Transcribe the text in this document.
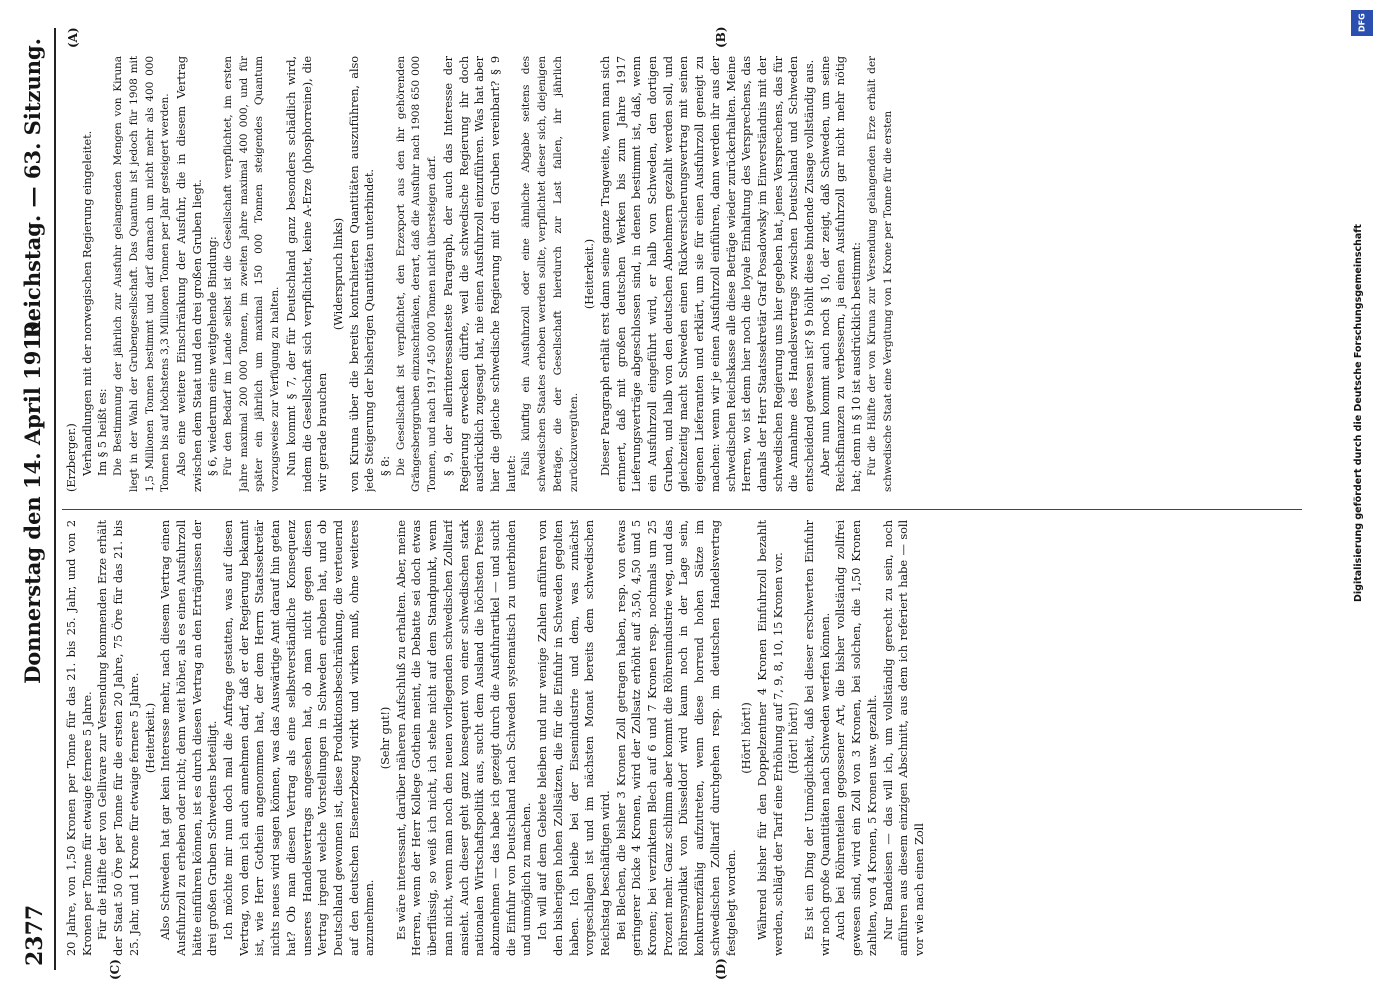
2377
Donnerstag den 14. April 1910.
Reichstag. — 63. Sitzung.

20 Jahre, von 1,50 Kronen per Tonne für das 21. bis 25. Jahr, und von 2 Kronen per Tonne für etwaige fernere 5 Jahre. Für die Hälfte der von Gellivare zur Versendung kommenden Erze erhält der Staat 50 Öre per Tonne für die ersten 20 Jahre, 75 Öre für das 21. bis 25. Jahr, und 1 Krone für etwaige fernere 5 Jahre. (Heiterkeit.) Also Schweden hat gar kein Interesse mehr, nach diesem Vertrag einen Ausfuhrzoll zu erheben oder nicht; denn weit höher, als es einen Ausfuhrzoll hätte einführen können, ist es durch diesen Vertrag an den Erträgnissen der drei großen Gruben Schwedens beteiligt. Ich möchte mir nun doch mal die Anfrage gestatten, was auf diesen Vertrag, von dem ich auch annehmen darf, daß er der Regierung bekannt ist, wie Herr Gothein angenommen hat, der dem Herrn Staatssekretär nichts neues wird sagen können, was das Auswärtige Amt darauf hin getan hat? Ob man diesen Vertrag als eine selbstverständliche Konsequenz unseres Handelsvertrags angesehen hat, ob man nicht gegen diesen Vertrag irgend welche Vorstellungen in Schweden erhoben hat, und ob Deutschland gewonnen ist, diese Produktionsbeschränkung, die verteuernd auf den deutschen Eisenerzbezug wirkt und wirken muß, ohne weiteres anzunehmen.

(Sehr gut!) Es wäre interessant, darüber näheren Aufschluß zu erhalten. Aber, meine Herren, wenn der Herr Kollege Gothein meint, die Debatte sei doch etwas überflüssig, so weiß ich nicht, ich stehe nicht auf dem Standpunkt, wenn man nicht, wenn man noch den neuen vorliegenden schwedischen Zolltarif ansieht. Auch dieser geht ganz konsequent von einer schwedischen stark nationalen Wirtschaftspolitik aus, sucht dem Ausland die höchsten Preise abzunehmen — das habe ich gezeigt durch die Ausfuhrartikel — und sucht die Einfuhr von Deutschland nach Schweden systematisch zu unterbinden und unmöglich zu machen. Ich will auf dem Gebiete bleiben und nur wenige Zahlen anführen von den bisherigen hohen Zollsätzen, die für die Einfuhr in Schweden gegolten haben. Ich bleibe bei der Eisenindustrie und dem, was zunächst vorgeschlagen ist und im nächsten Monat bereits dem schwedischen Reichstag beschäftigen wird. Bei Blechen, die bisher 3 Kronen Zoll getragen haben, resp. von etwas geringerer Dicke 4 Kronen, wird der Zollsatz erhöht auf 3,50, 4,50 und 5 Kronen; bei verzinktem Blech auf 6 und 7 Kronen resp. nochmals um 25 Prozent mehr. Ganz schlimm aber kommt die Röhrenindustrie weg, und das Röhrensyndikat von Düsseldorf wird kaum noch in der Lage sein, konkurrenzfähig aufzutreten, wenn diese horrend hohen Sätze im schwedischen Zolltarif durchgehen resp. im deutschen Handelsvertrag festgelegt worden.

(Hört! hört!) Während bisher für den Doppelzentner 4 Kronen Einfuhrzoll bezahlt werden, schlägt der Tarif eine Erhöhung auf 7, 9, 8, 10, 15 Kronen vor. (Hört! hört!) Es ist ein Ding der Unmöglichkeit, daß bei dieser erschwerten Einfuhr wir noch große Quantitäten nach Schweden werfen können. Auch bei Röhrenteilen gegossener Art, die bisher vollständig zollfrei gewesen sind, wird ein Zoll von 3 Kronen, bei solchen, die 1,50 Kronen zahlten, von 4 Kronen, 5 Kronen usw. gezahlt. Nur Bandeisen — das will ich, um vollständig gerecht zu sein, noch anführen aus diesem einzigen Abschnitt, aus dem ich referiert habe — soll vor wie nach einen Zoll

(Erzberger.) Verhandlungen mit der norwegischen Regierung eingeleitet. Im § 5 heißt es: Die Bestimmung der jährlich zur Ausfuhr gelangenden Mengen von Kiruna liegt in der Wahl der Grubengesellschaft. Das Quantum ist jedoch für 1908 mit 1,5 Millionen Tonnen bestimmt und darf darnach um nicht mehr als 400 000 Tonnen bis auf höchstens 3,3 Millionen Tonnen per Jahr gesteigert werden. Also eine weitere Einschränkung der Ausfuhr, die in diesem Vertrag zwischen dem Staat und den drei großen Gruben liegt. § 6, wiederum eine weitgehende Bindung: Für den Bedarf im Lande selbst ist die Gesellschaft verpflichtet, im ersten Jahre maximal 200 000 Tonnen, im zweiten Jahre maximal 400 000, und für später ein jährlich um maximal 150 000 Tonnen steigendes Quantum vorzugsweise zur Verfügung zu halten. Nun kommt § 7, der für Deutschland ganz besonders schädlich wird, indem die Gesellschaft sich verpflichtet, keine A-Erze (phosphorreine), die wir gerade brauchen

(Widerspruch links) von Kiruna über die bereits kontrahierten Quantitäten auszuführen, also jede Steigerung der bisherigen Quantitäten unterbindet. § 8: Die Gesellschaft ist verpflichtet, den Erzexport aus den ihr gehörenden Grängesberggruben einzuschränken, derart, daß die Ausfuhr nach 1908 650 000 Tonnen, und nach 1917 450 000 Tonnen nicht übersteigen darf. § 9, der allerinteressanteste Paragraph, der auch das Interesse der Regierung erwecken dürfte, weil die schwedische Regierung ihr doch ausdrücklich zugesagt hat, nie einen Ausfuhrzoll einzuführen. Was hat aber hier die gleiche schwedische Regierung mit drei Gruben vereinbart? § 9 lautet: Falls künftig ein Ausfuhrzoll oder eine ähnliche Abgabe seitens des schwedischen Staates erhoben werden sollte, verpflichtet dieser sich, diejenigen Beträge, die der Gesellschaft hierdurch zur Last fallen, ihr jährlich zurückzuvergüten.

(Heiterkeit.) Dieser Paragraph erhält erst dann seine ganze Tragweite, wenn man sich erinnert, daß mit großen deutschen Werken bis zum Jahre 1917 Lieferungsverträge abgeschlossen sind, in denen bestimmt ist, daß, wenn ein Ausfuhrzoll eingeführt wird, er halb von Schweden, den dortigen Gruben, und halb von den deutschen Abnehmern gezahlt werden soll, und gleichzeitig macht Schweden einen Rückversicherungsvertrag mit seinen eigenen Lieferanten und erklärt, um sie für einen Ausfuhrzoll geneigt zu machen: wenn wir je einen Ausfuhrzoll einführen, dann werden ihr aus der schwedischen Reichskasse alle diese Beträge wieder zurückerhalten. Meine Herren, wo ist denn hier noch die loyale Einhaltung des Versprechens, das damals der Herr Staatssekretär Graf Posadowsky im Einverständnis mit der schwedischen Regierung uns hier gegeben hat, jenes Versprechens, das für die Annahme des Handelsvertrags zwischen Deutschland und Schweden entscheidend gewesen ist? § 9 höhlt diese bindende Zusage vollständig aus. Aber nun kommt auch noch § 10, der zeigt, daß Schweden, um seine Reichsfinanzen zu verbessern, ja einen Ausfuhrzoll gar nicht mehr nötig hat; denn in § 10 ist ausdrücklich bestimmt: Für die Hälfte der von Kiruna zur Versendung gelangenden Erze erhält der schwedische Staat eine Vergütung von 1 Krone per Tonne für die ersten

(A)	(B)
(C)	(D)
DFG
Digitalisierung gefördert durch die Deutsche Forschungsgemeinschaft
